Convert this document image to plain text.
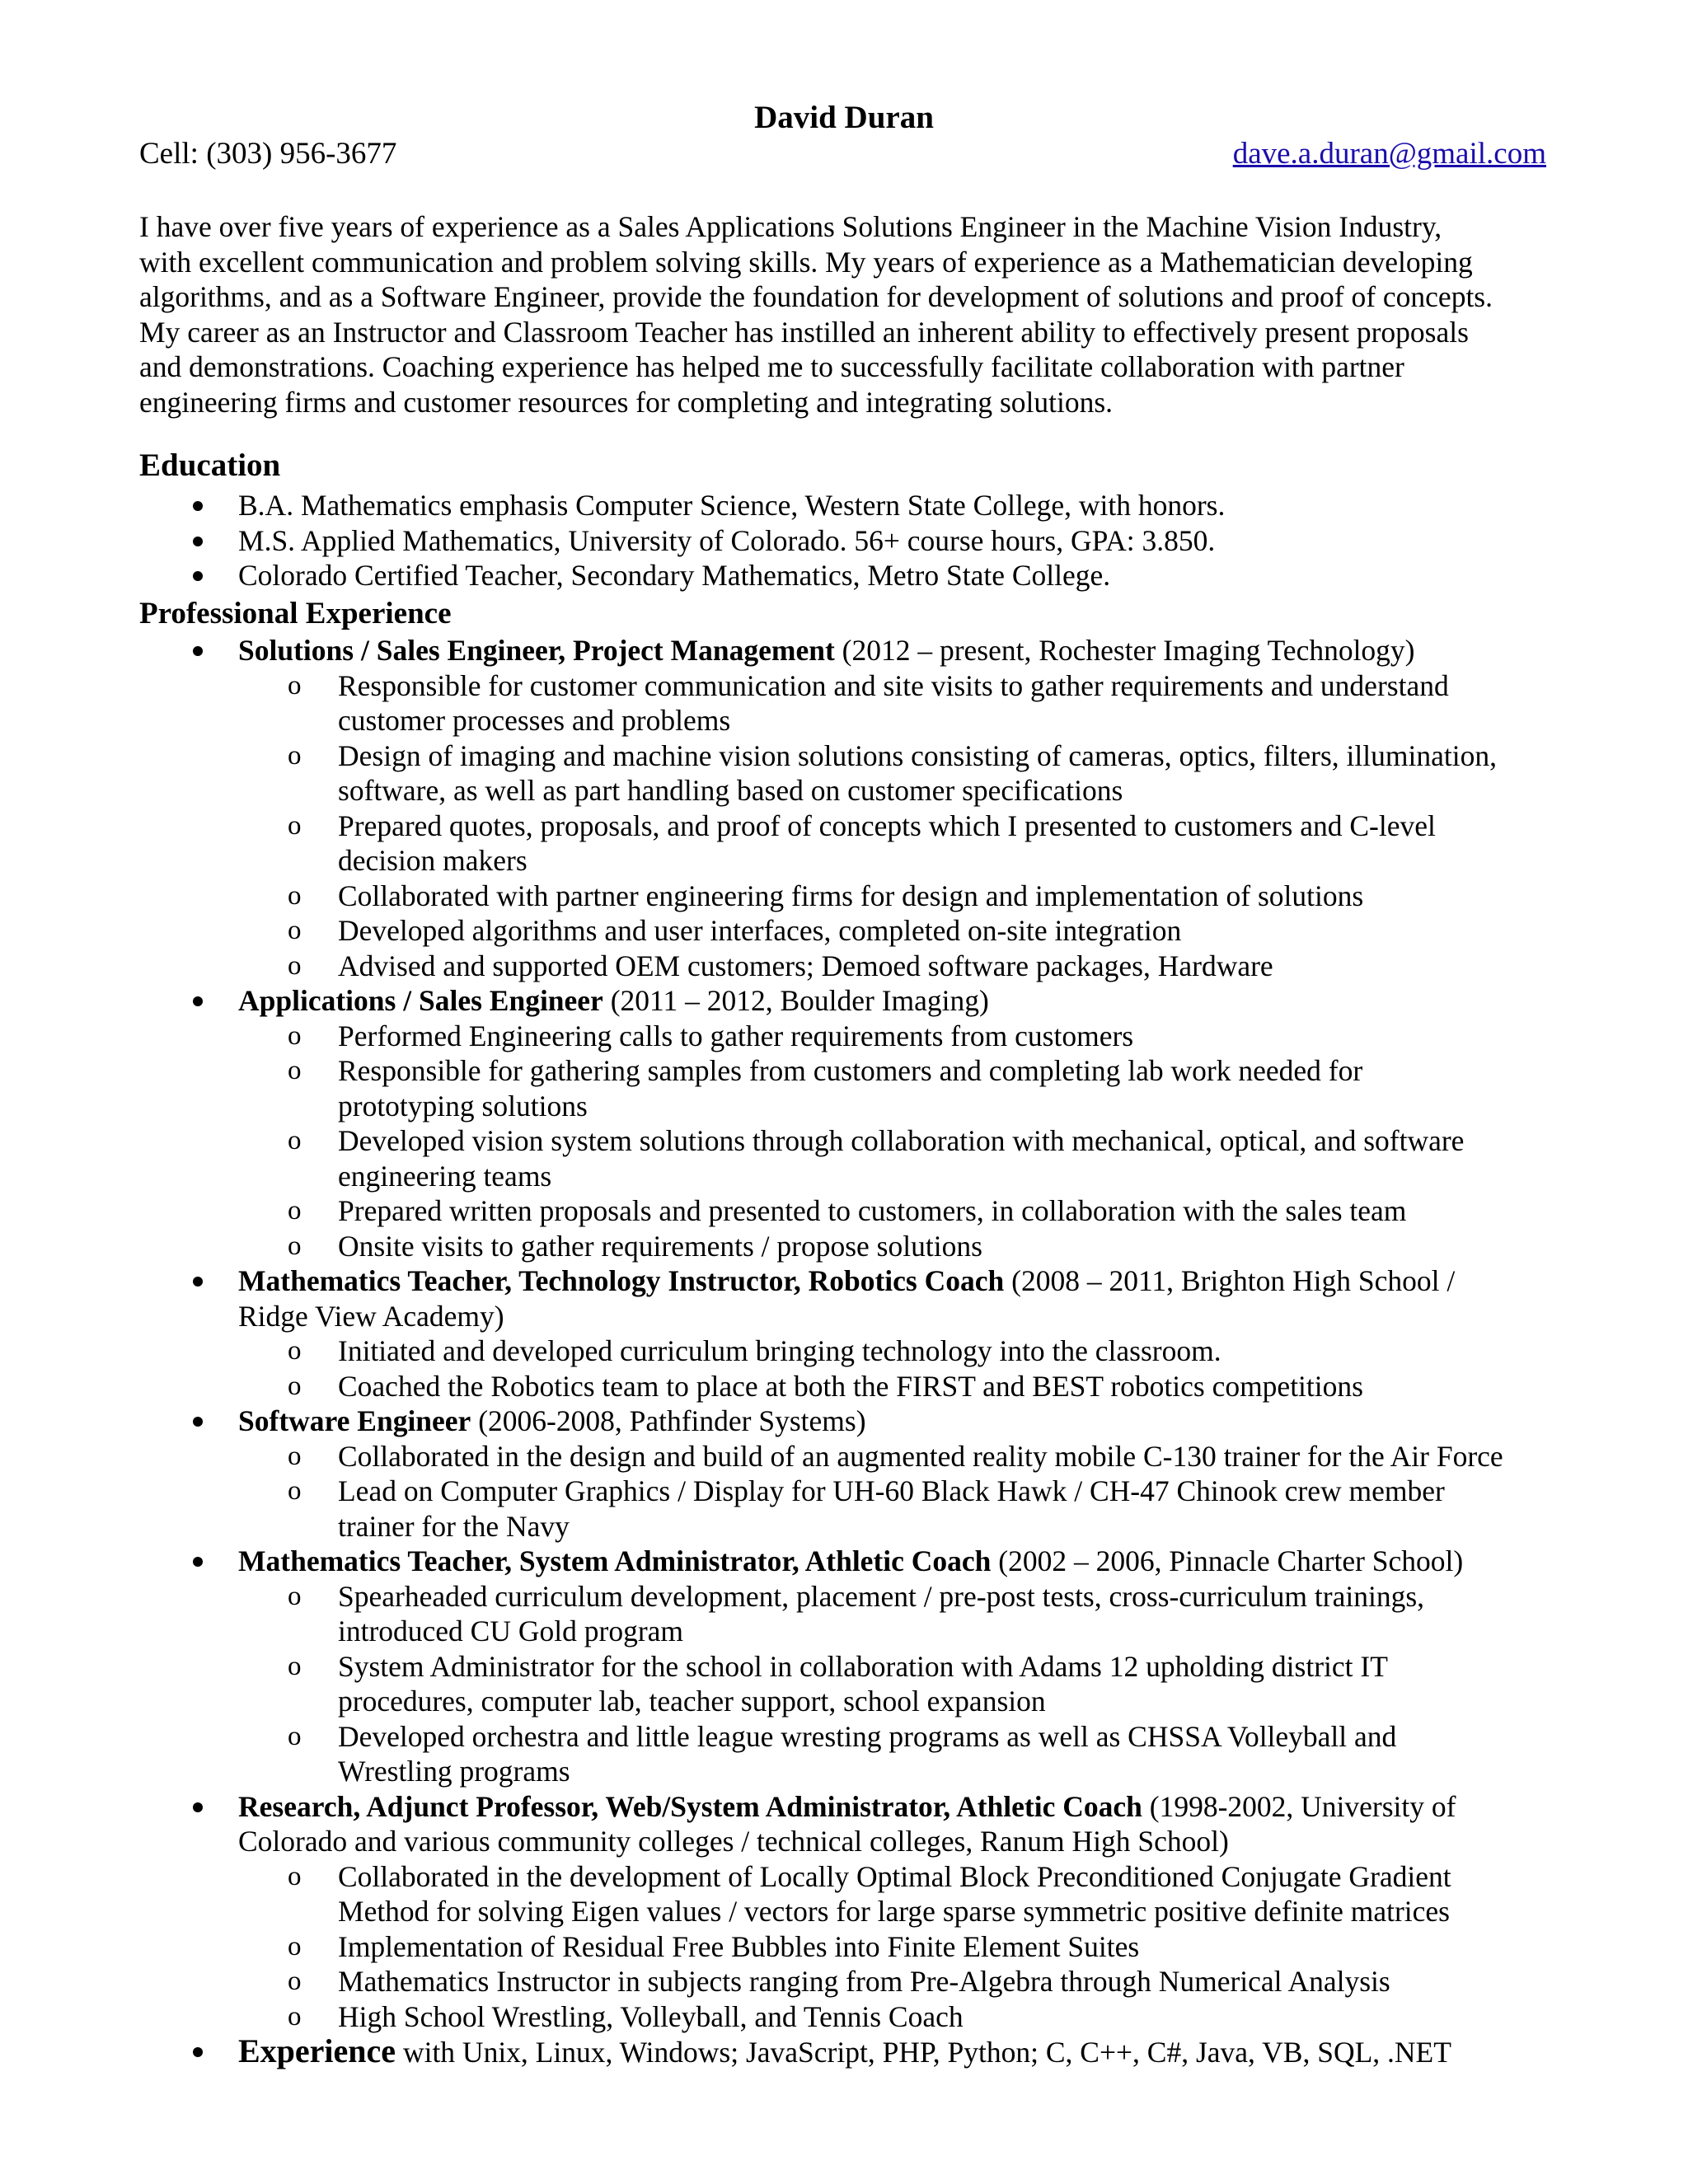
David Duran
Cell: (303) 956-3677	dave.a.duran@gmail.com
I have over five years of experience as a Sales Applications Solutions Engineer in the Machine Vision Industry,
with excellent communication and problem solving skills. My years of experience as a Mathematician developing
algorithms, and as a Software Engineer, provide the foundation for development of solutions and proof of concepts.
My career as an Instructor and Classroom Teacher has instilled an inherent ability to effectively present proposals
and demonstrations. Coaching experience has helped me to successfully facilitate collaboration with partner
engineering firms and customer resources for completing and integrating solutions.
Education
B.A. Mathematics emphasis Computer Science, Western State College, with honors.
M.S. Applied Mathematics, University of Colorado. 56+ course hours, GPA: 3.850.
Colorado Certified Teacher, Secondary Mathematics, Metro State College.
Professional Experience
Solutions / Sales Engineer, Project Management (2012 – present, Rochester Imaging Technology)
o Responsible for customer communication and site visits to gather requirements and understand
customer processes and problems
o Design of imaging and machine vision solutions consisting of cameras, optics, filters, illumination,
software, as well as part handling based on customer specifications
o Prepared quotes, proposals, and proof of concepts which I presented to customers and C-level
decision makers
o Collaborated with partner engineering firms for design and implementation of solutions
o Developed algorithms and user interfaces, completed on-site integration
o Advised and supported OEM customers; Demoed software packages, Hardware
Applications / Sales Engineer (2011 – 2012, Boulder Imaging)
o Performed Engineering calls to gather requirements from customers
o Responsible for gathering samples from customers and completing lab work needed for
prototyping solutions
o Developed vision system solutions through collaboration with mechanical, optical, and software
engineering teams
o Prepared written proposals and presented to customers, in collaboration with the sales team
o Onsite visits to gather requirements / propose solutions
Mathematics Teacher, Technology Instructor, Robotics Coach (2008 – 2011, Brighton High School /
Ridge View Academy)
o Initiated and developed curriculum bringing technology into the classroom.
o Coached the Robotics team to place at both the FIRST and BEST robotics competitions
Software Engineer (2006-2008, Pathfinder Systems)
o Collaborated in the design and build of an augmented reality mobile C-130 trainer for the Air Force
o Lead on Computer Graphics / Display for UH-60 Black Hawk / CH-47 Chinook crew member
trainer for the Navy
Mathematics Teacher, System Administrator, Athletic Coach (2002 – 2006, Pinnacle Charter School)
o Spearheaded curriculum development, placement / pre-post tests, cross-curriculum trainings,
introduced CU Gold program
o System Administrator for the school in collaboration with Adams 12 upholding district IT
procedures, computer lab, teacher support, school expansion
o Developed orchestra and little league wresting programs as well as CHSSA Volleyball and
Wrestling programs
Research, Adjunct Professor, Web/System Administrator, Athletic Coach (1998-2002, University of
Colorado and various community colleges / technical colleges, Ranum High School)
o Collaborated in the development of Locally Optimal Block Preconditioned Conjugate Gradient
Method for solving Eigen values / vectors for large sparse symmetric positive definite matrices
o Implementation of Residual Free Bubbles into Finite Element Suites
o Mathematics Instructor in subjects ranging from Pre-Algebra through Numerical Analysis
o High School Wrestling, Volleyball, and Tennis Coach
Experience with Unix, Linux, Windows; JavaScript, PHP, Python; C, C++, C#, Java, VB, SQL, .NET
